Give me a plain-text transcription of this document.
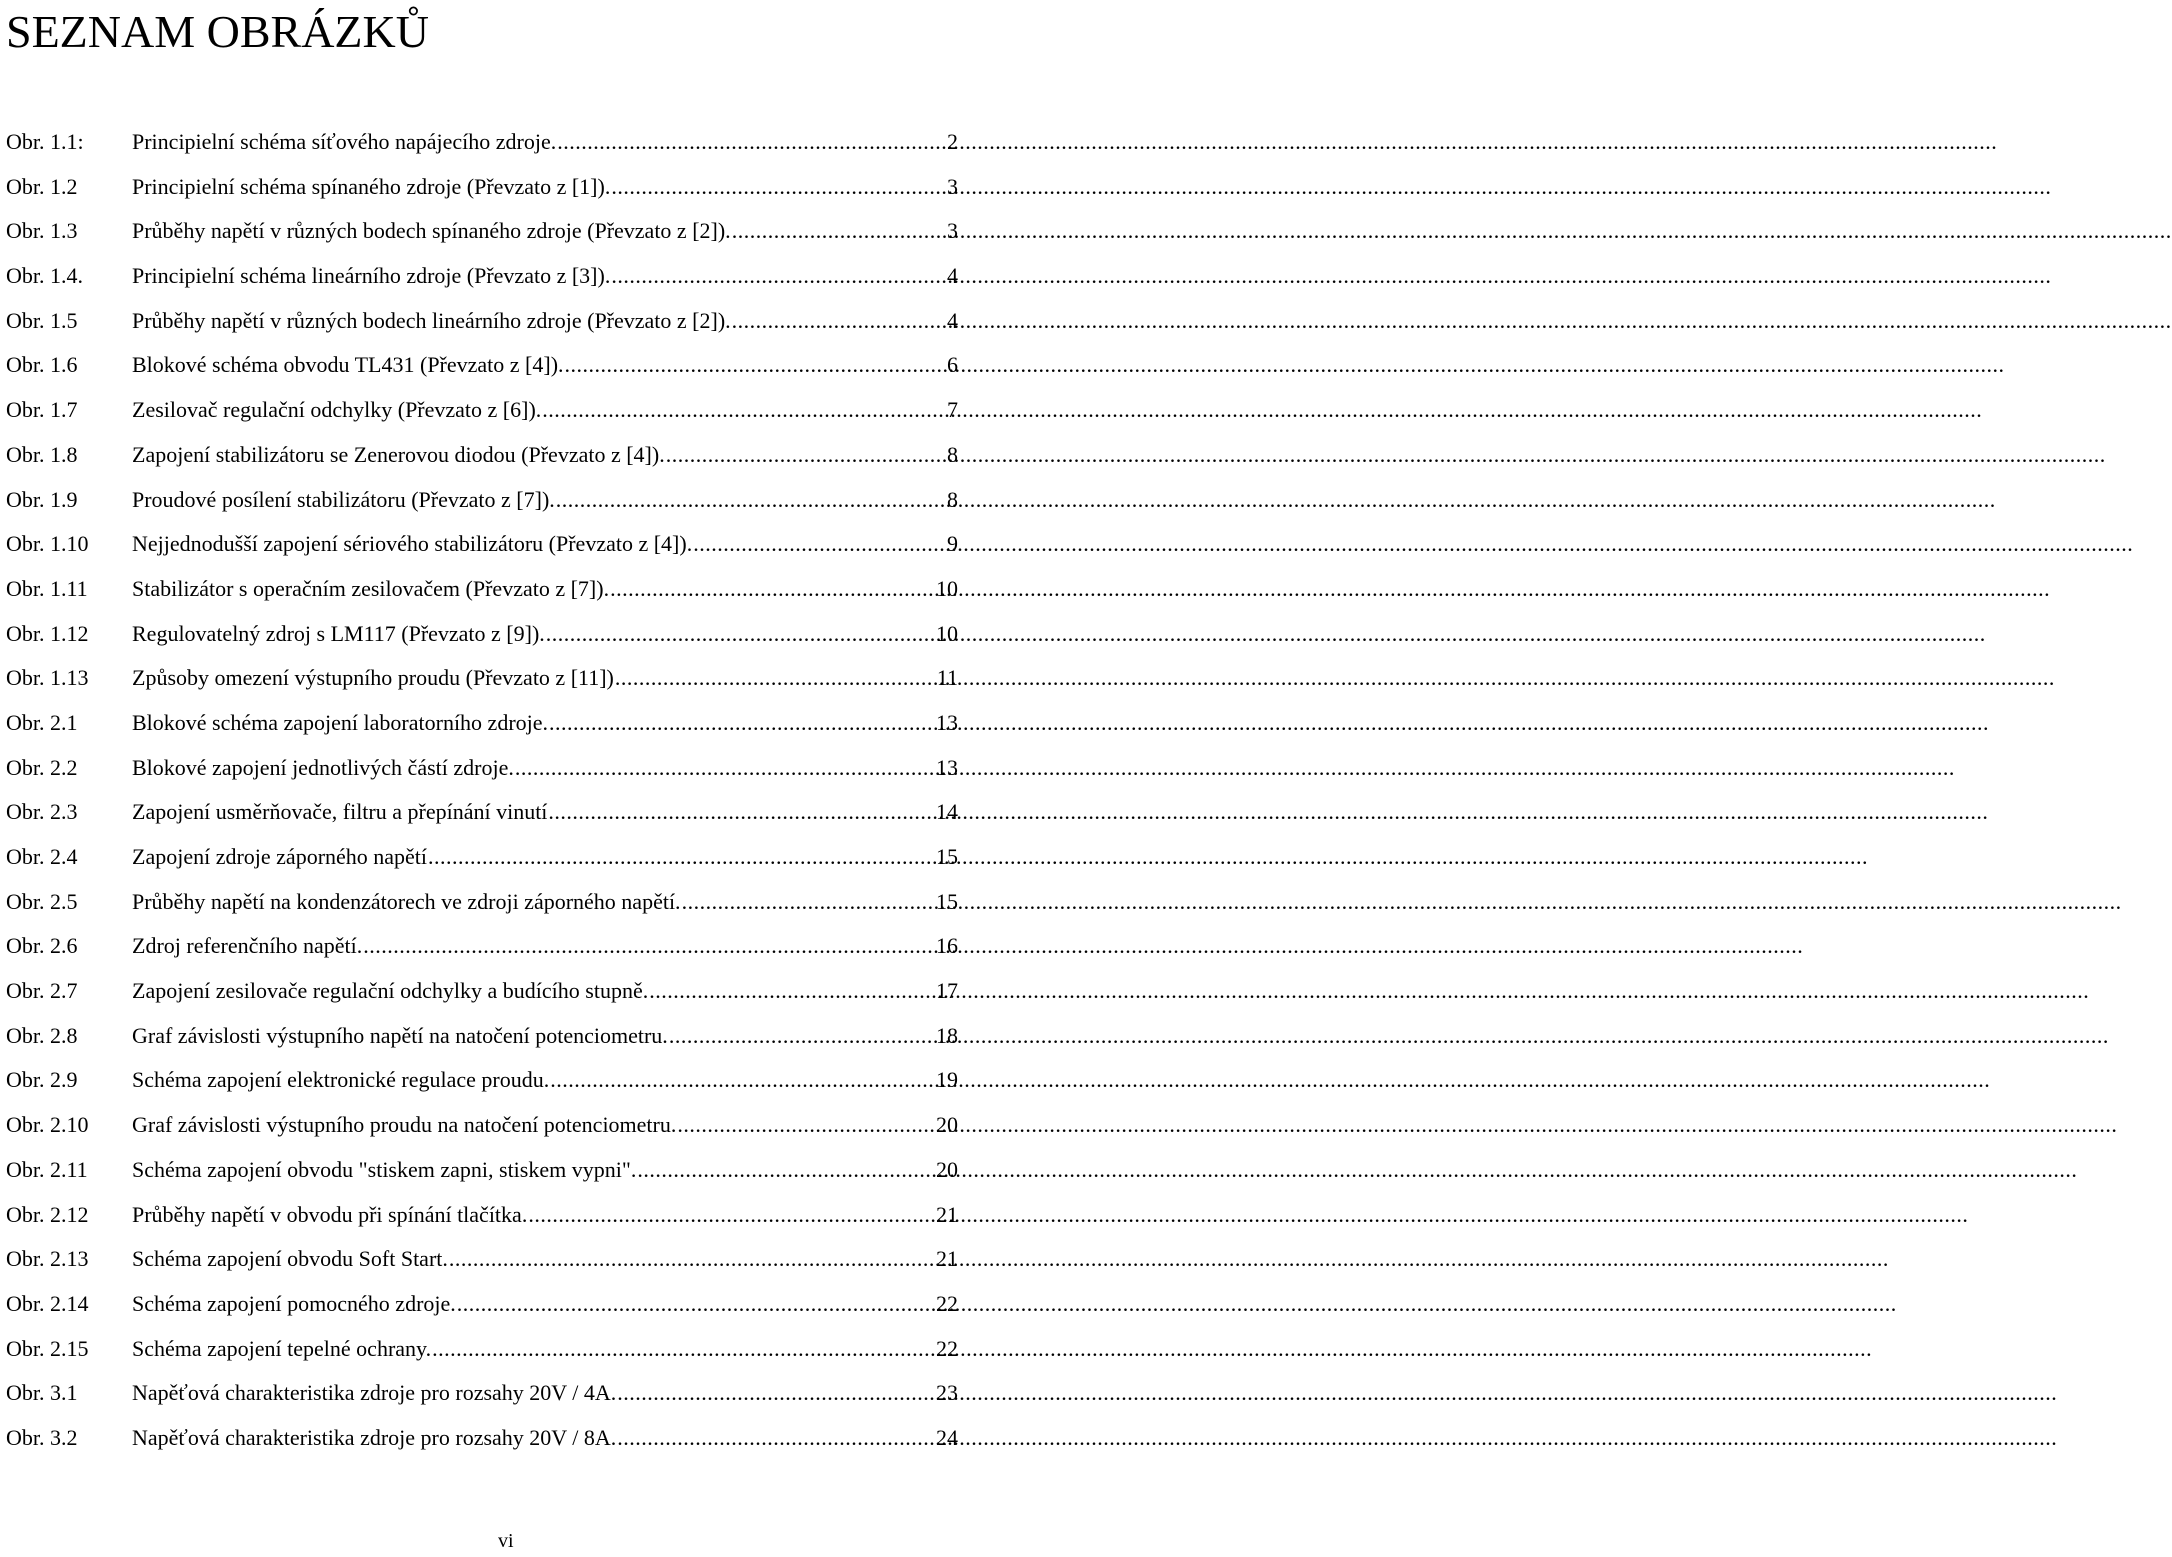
SEZNAM OBRÁZKŮ
Obr. 1.1:	Principielní schéma síťového napájecího zdroje. .....	2
Obr. 1.2	Principielní schéma spínaného zdroje (Převzato z [1]). .....	3
Obr. 1.3	Průběhy napětí v různých bodech spínaného zdroje (Převzato z [2]). .....	3
Obr. 1.4.	Principielní schéma lineárního zdroje (Převzato z [3]). .....	4
Obr. 1.5	Průběhy napětí v různých bodech lineárního zdroje (Převzato z [2]). .....	4
Obr. 1.6	Blokové schéma obvodu TL431 (Převzato z [4]). .....	6
Obr. 1.7	Zesilovač regulační odchylky (Převzato z [6]). .....	7
Obr. 1.8	Zapojení stabilizátoru se Zenerovou diodou (Převzato z [4]). .....	8
Obr. 1.9	Proudové posílení stabilizátoru (Převzato z [7]). .....	8
Obr. 1.10	Nejjednodušší zapojení sériového stabilizátoru (Převzato z [4]). .....	9
Obr. 1.11	Stabilizátor s operačním zesilovačem (Převzato z [7]). .....	10
Obr. 1.12	Regulovatelný zdroj s LM117 (Převzato z [9]). .....	10
Obr. 1.13	Způsoby omezení výstupního proudu (Převzato z [11]) .....	11
Obr. 2.1	Blokové schéma zapojení laboratorního zdroje. .....	13
Obr. 2.2	Blokové zapojení jednotlivých částí zdroje. .....	13
Obr. 2.3	Zapojení usměrňovače, filtru a přepínání vinutí .....	14
Obr. 2.4	Zapojení zdroje záporného napětí .....	15
Obr. 2.5	Průběhy napětí na kondenzátorech ve zdroji záporného napětí. .....	15
Obr. 2.6	Zdroj referenčního napětí. .....	16
Obr. 2.7	Zapojení zesilovače regulační odchylky a budícího stupně. .....	17
Obr. 2.8	Graf závislosti výstupního napětí na natočení potenciometru. .....	18
Obr. 2.9	Schéma zapojení elektronické regulace proudu. .....	19
Obr. 2.10	Graf závislosti výstupního proudu na natočení potenciometru. .....	20
Obr. 2.11	Schéma zapojení obvodu "stiskem zapni, stiskem vypni". .....	20
Obr. 2.12	Průběhy napětí v obvodu při spínání tlačítka. .....	21
Obr. 2.13	Schéma zapojení obvodu Soft Start. .....	21
Obr. 2.14	Schéma zapojení pomocného zdroje. .....	22
Obr. 2.15	Schéma zapojení tepelné ochrany. .....	22
Obr. 3.1	Napěťová charakteristika zdroje pro rozsahy 20V / 4A. .....	23
Obr. 3.2	Napěťová charakteristika zdroje pro rozsahy 20V / 8A. .....	24
vi
